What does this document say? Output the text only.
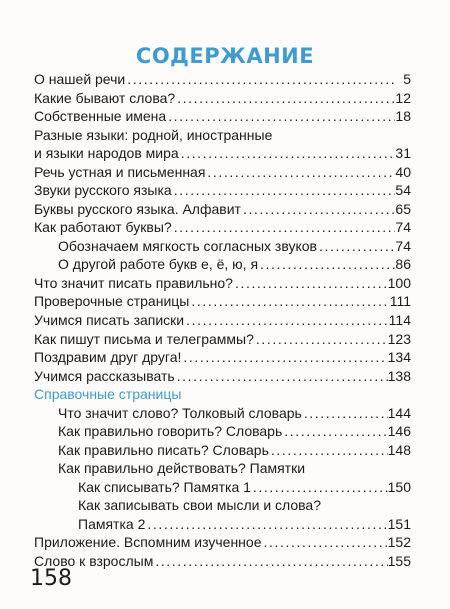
СОДЕРЖАНИЕ
О нашей речи .....	5
Какие бывают слова? .....	12
Собственные имена .....	18
Разные языки: родной, иностранные
и языки народов мира .....	31
Речь устная и письменная .....	40
Звуки русского языка .....	54
Буквы русского языка. Алфавит .....	65
Как работают буквы? .....	74
Обозначаем мягкость согласных звуков .....	74
О другой работе букв е, ё, ю, я .....	86
Что значит писать правильно? .....	100
Проверочные страницы .....	111
Учимся писать записки .....	114
Как пишут письма и телеграммы? .....	123
Поздравим друг друга! .....	134
Учимся рассказывать .....	138
Справочные страницы
Что значит слово? Толковый словарь .....	144
Как правильно говорить? Словарь .....	146
Как правильно писать? Словарь .....	148
Как правильно действовать? Памятки
Как списывать? Памятка 1 .....	150
Как записывать свои мысли и слова?
Памятка 2 .....	151
Приложение. Вспомним изученное .....	152
Слово к взрослым .....	155
158
